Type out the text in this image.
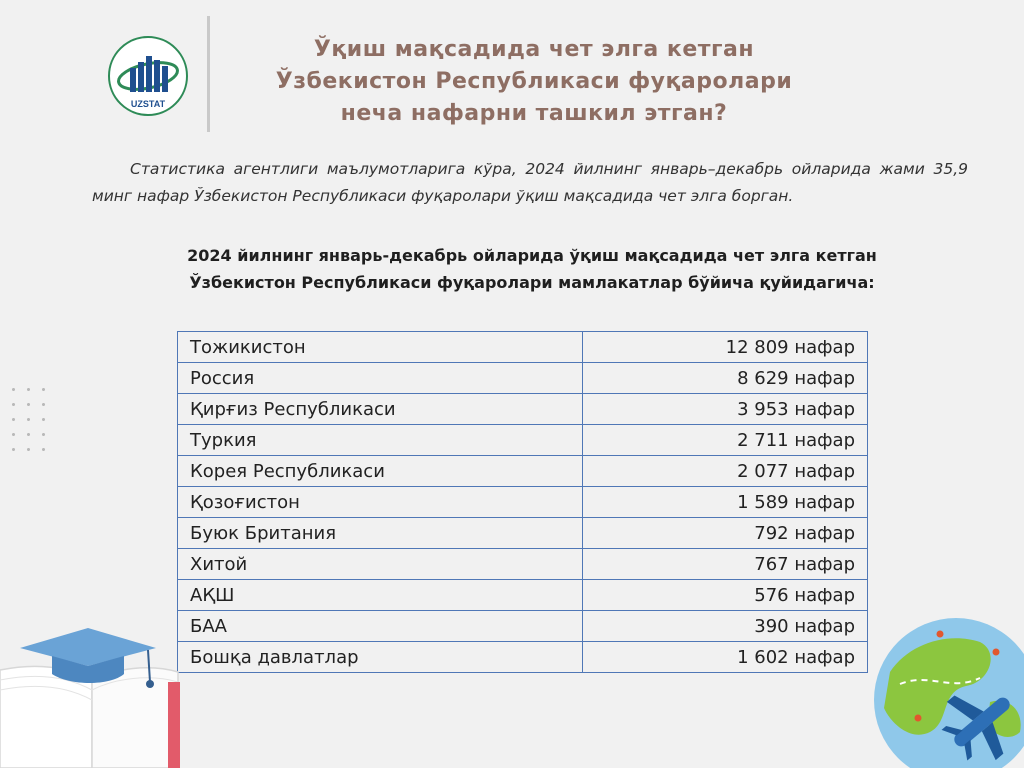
UZSTAT
Ўқиш мақсадида чет элга кетган
Ўзбекистон Республикаси фуқаролари
неча нафарни ташкил этган?
Статистика агентлиги маълумотларига кўра, 2024 йилнинг январь–декабрь ойларида жами 35,9 минг нафар Ўзбекистон Республикаси фуқаролари ўқиш мақсадида чет элга борган.
2024 йилнинг январь-декабрь ойларида ўқиш мақсадида чет элга кетган
Ўзбекистон Республикаси фуқаролари мамлакатлар бўйича қуйидагича:
Тожикистон	12 809 нафар
Россия	8 629 нафар
Қирғиз Республикаси	3 953 нафар
Туркия	2 711 нафар
Корея Республикаси	2 077 нафар
Қозоғистон	1 589 нафар
Буюк Британия	792 нафар
Хитой	767 нафар
АҚШ	576 нафар
БАА	390 нафар
Бошқа давлатлар	1 602 нафар
